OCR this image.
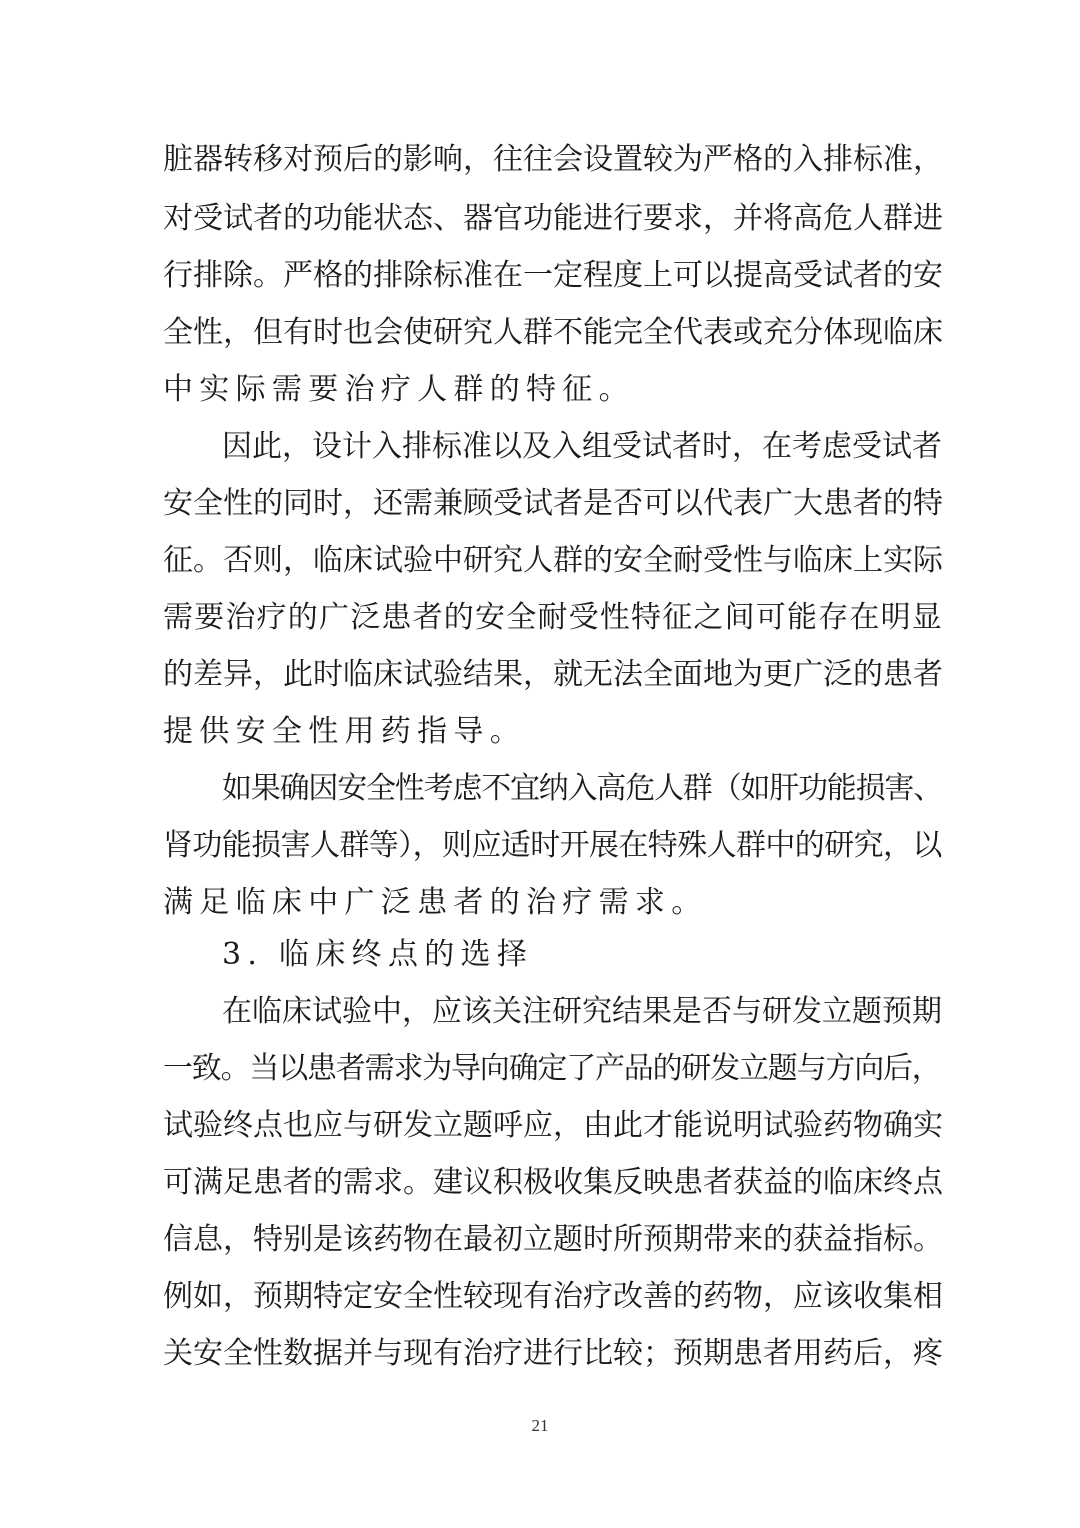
脏器转移对预后的影响，往往会设置较为严格的入排标准，
对受试者的功能状态、器官功能进行要求，并将高危人群进
行排除。严格的排除标准在一定程度上可以提高受试者的安
全性，但有时也会使研究人群不能完全代表或充分体现临床
中实际需要治疗人群的特征。
因此，设计入排标准以及入组受试者时，在考虑受试者
安全性的同时，还需兼顾受试者是否可以代表广大患者的特
征。否则，临床试验中研究人群的安全耐受性与临床上实际
需要治疗的广泛患者的安全耐受性特征之间可能存在明显
的差异，此时临床试验结果，就无法全面地为更广泛的患者
提供安全性用药指导。
如果确因安全性考虑不宜纳入高危人群（如肝功能损害、
肾功能损害人群等），则应适时开展在特殊人群中的研究，以
满足临床中广泛患者的治疗需求。
3. 临床终点的选择
在临床试验中，应该关注研究结果是否与研发立题预期
一致。当以患者需求为导向确定了产品的研发立题与方向后，
试验终点也应与研发立题呼应，由此才能说明试验药物确实
可满足患者的需求。建议积极收集反映患者获益的临床终点
信息，特别是该药物在最初立题时所预期带来的获益指标。
例如，预期特定安全性较现有治疗改善的药物，应该收集相
关安全性数据并与现有治疗进行比较；预期患者用药后，疼
21
